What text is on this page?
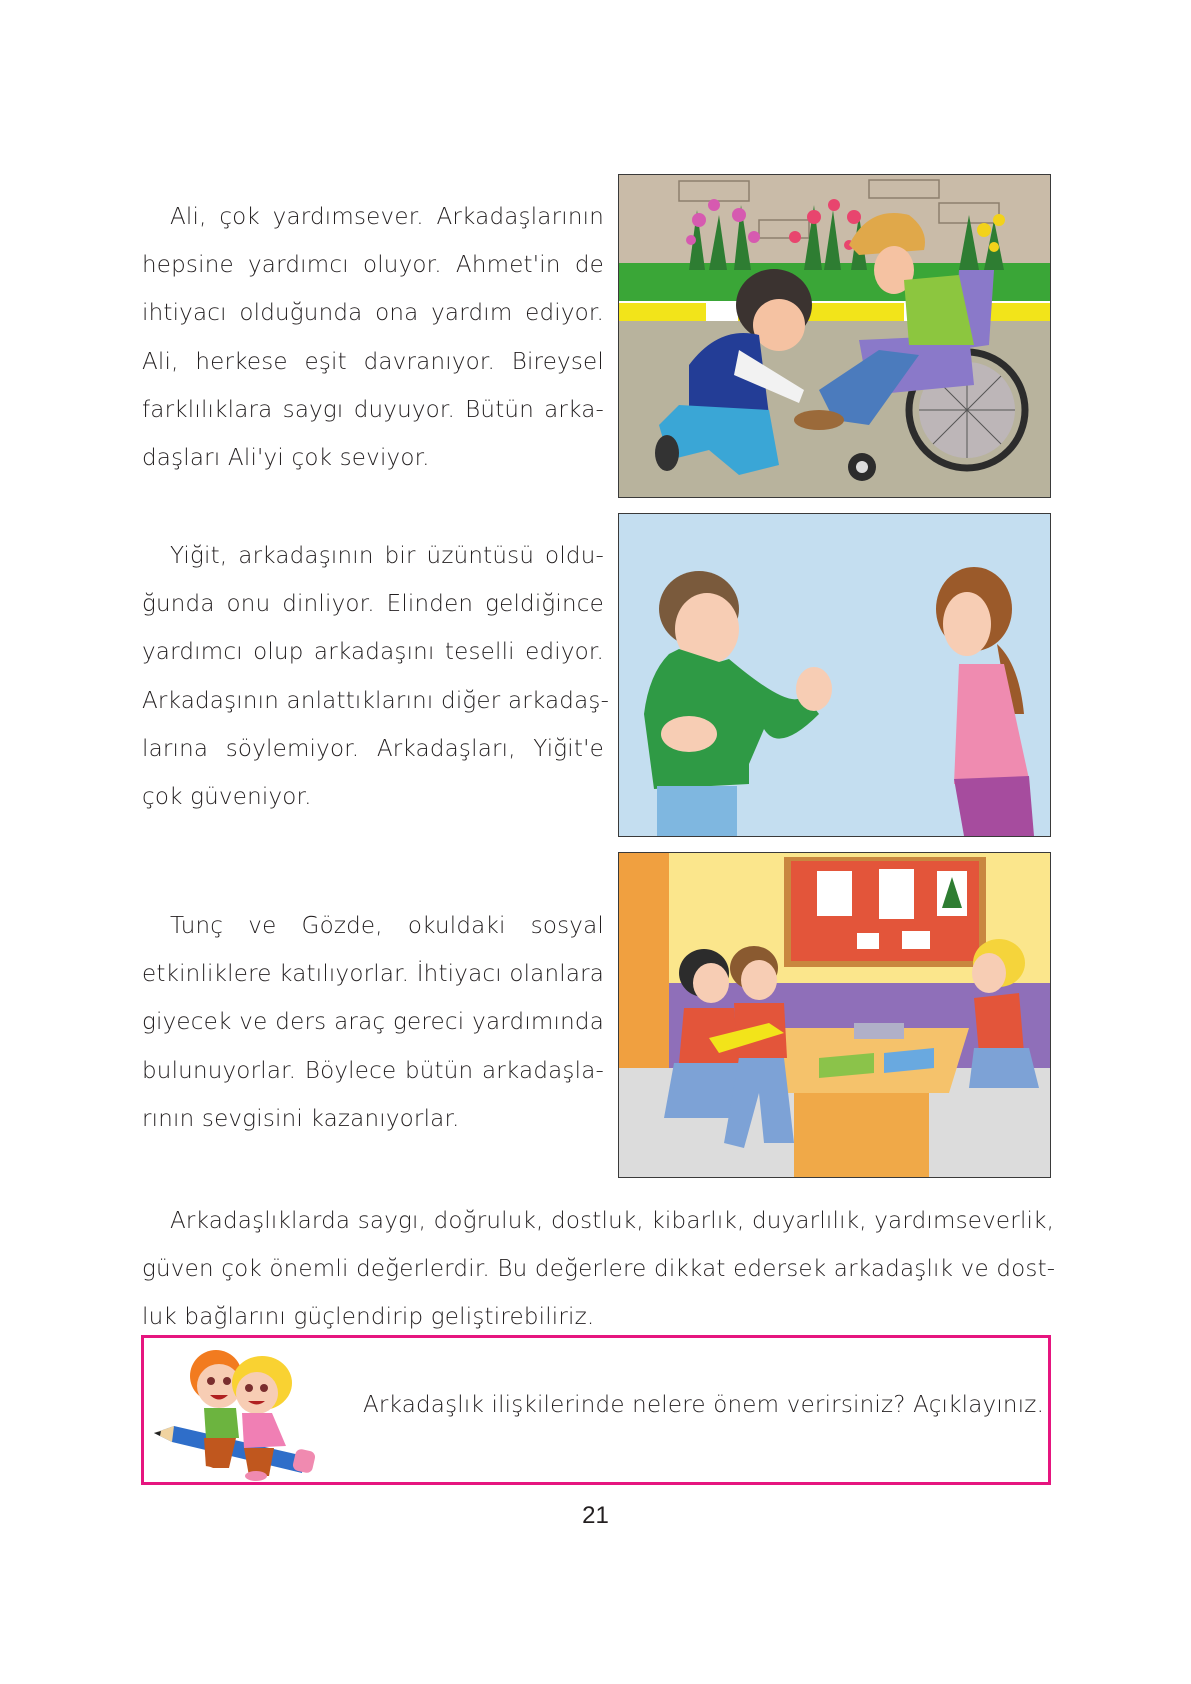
Ali, çok yardımsever. Arkadaşlarının
hepsine yardımcı oluyor. Ahmet'in de
ihtiyacı olduğunda ona yardım ediyor.
Ali, herkese eşit davranıyor. Bireysel
farklılıklara saygı duyuyor. Bütün arka-
daşları Ali'yi çok seviyor.
Yiğit, arkadaşının bir üzüntüsü oldu-
ğunda onu dinliyor. Elinden geldiğince
yardımcı olup arkadaşını teselli ediyor.
Arkadaşının anlattıklarını diğer arkadaş-
larına söylemiyor. Arkadaşları, Yiğit'e
çok güveniyor.
Tunç ve Gözde, okuldaki sosyal
etkinliklere katılıyorlar. İhtiyacı olanlara
giyecek ve ders araç gereci yardımında
bulunuyorlar. Böylece bütün arkadaşla-
rının sevgisini kazanıyorlar.
Arkadaşlıklarda saygı, doğruluk, dostluk, kibarlık, duyarlılık, yardımseverlik,
güven çok önemli değerlerdir. Bu değerlere dikkat edersek arkadaşlık ve dost-
luk bağlarını güçlendirip geliştirebiliriz.
Arkadaşlık ilişkilerinde nelere önem verirsiniz? Açıklayınız.
21
